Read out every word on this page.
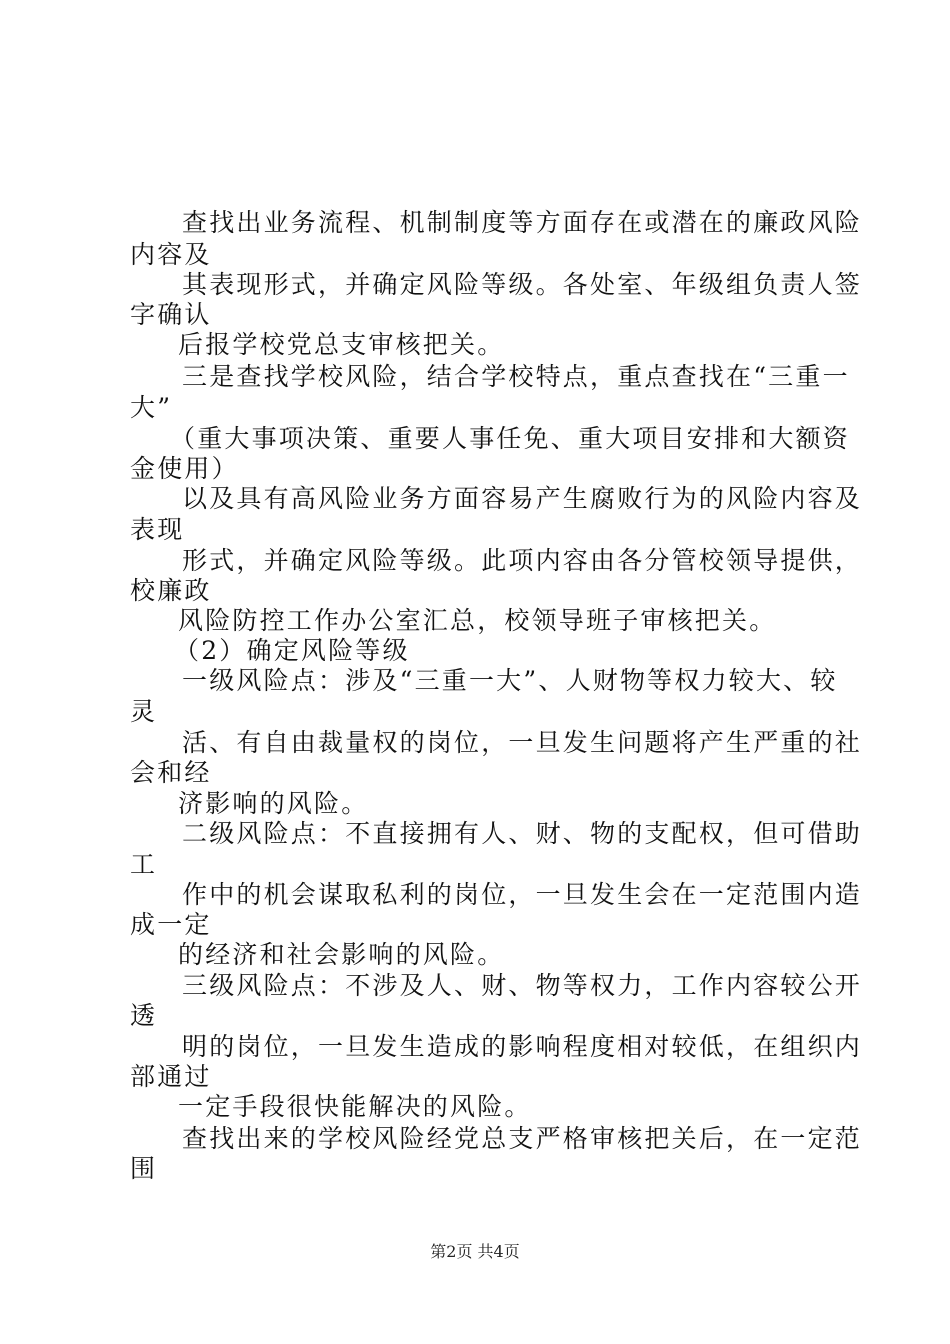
查找出业务流程、机制制度等方面存在或潜在的廉政风险
内容及
其表现形式，并确定风险等级。各处室、年级组负责人签
字确认
后报学校党总支审核把关。
三是查找学校风险，结合学校特点，重点查找在“三重一
大”
（重大事项决策、重要人事任免、重大项目安排和大额资
金使用）
以及具有高风险业务方面容易产生腐败行为的风险内容及
表现
形式，并确定风险等级。此项内容由各分管校领导提供，
校廉政
风险防控工作办公室汇总，校领导班子审核把关。
（2）确定风险等级
一级风险点：涉及“三重一大”、人财物等权力较大、较
灵
活、有自由裁量权的岗位，一旦发生问题将产生严重的社
会和经
济影响的风险。
二级风险点：不直接拥有人、财、物的支配权，但可借助
工
作中的机会谋取私利的岗位，一旦发生会在一定范围内造
成一定
的经济和社会影响的风险。
三级风险点：不涉及人、财、物等权力，工作内容较公开
透
明的岗位，一旦发生造成的影响程度相对较低，在组织内
部通过
一定手段很快能解决的风险。
查找出来的学校风险经党总支严格审核把关后，在一定范
围
第2页 共4页
